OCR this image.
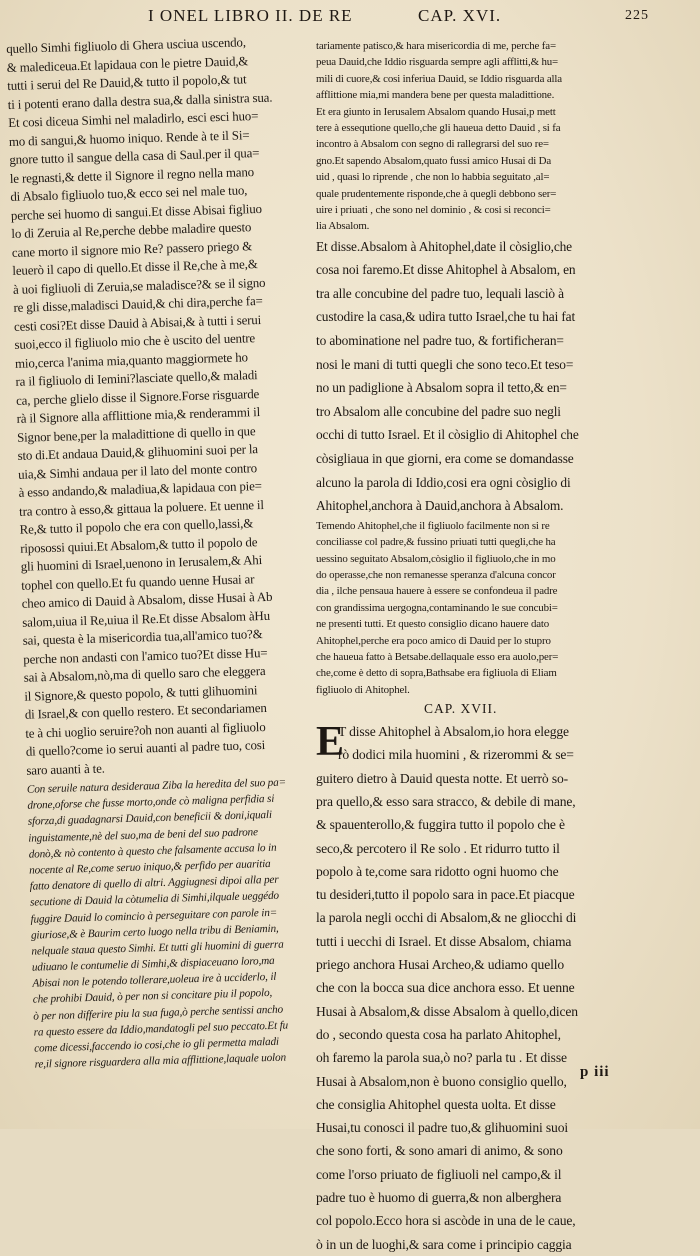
I ONEL LIBRO II. DE RE	CAP. XVI.	225
quello Simhi figliuolo di Ghera usciua uscendo,
& malediceua.Et lapidaua con le pietre Dauid,&
tutti i serui del Re Dauid,& tutto il popolo,& tut
ti i potenti erano dalla destra sua,& dalla sinistra sua.
Et cosi diceua Simhi nel maladirlo, esci esci huo=
mo di sangui,& huomo iniquo. Rende à te il Si=
gnore tutto il sangue della casa di Saul.per il qua=
le regnasti,& dette il Signore il regno nella mano
di Absalo figliuolo tuo,& ecco sei nel male tuo,
perche sei huomo di sangui.Et disse Abisai figliuo
lo di Zeruia al Re,perche debbe maladire questo
cane morto il signore mio Re? passero priego &
leuerò il capo di quello.Et disse il Re,che à me,&
à uoi figliuoli di Zeruia,se maladisce?& se il signo
re gli disse,maladisci Dauid,& chi dira,perche fa=
cesti cosi?Et disse Dauid à Abisai,& à tutti i serui
suoi,ecco il figliuolo mio che è uscito del uentre
mio,cerca l'anima mia,quanto maggiormete ho
ra il figliuolo di Iemini?lasciate quello,& maladi
ca, perche glielo disse il Signore.Forse risguarde
rà il Signore alla afflittione mia,& renderammi il
Signor bene,per la maladittione di quello in que
sto di.Et andaua Dauid,& glihuomini suoi per la
uia,& Simhi andaua per il lato del monte contro
à esso andando,& maladiua,& lapidaua con pie=
tra contro à esso,& gittaua la poluere. Et uenne il
Re,& tutto il popolo che era con quello,lassi,&
riposossi quiui.Et Absalom,& tutto il popolo de
gli huomini di Israel,uenono in Ierusalem,& Ahi
tophel con quello.Et fu quando uenne Husai ar
cheo amico di Dauid à Absalom, disse Husai à Ab
salom,uiua il Re,uiua il Re.Et disse Absalom àHu
sai, questa è la misericordia tua,all'amico tuo?&
perche non andasti con l'amico tuo?Et disse Hu=
sai à Absalom,nò,ma di quello saro che eleggera
il Signore,& questo popolo, & tutti glihuomini
di Israel,& con quello restero. Et secondariamen
te à chi uoglio seruire?oh non auanti al figliuolo
di quello?come io serui auanti al padre tuo, cosi
saro auanti à te.
Con seruile natura desideraua Ziba la heredita del suo pa=
drone,oforse che fusse morto,onde cò maligna perfidia si
sforza,di guadagnarsi Dauid,con beneficii & doni,iquali
inguistamente,nè del suo,ma de beni del suo padrone
donò,& nò contento à questo che falsamente accusa lo in
nocente al Re,come seruo iniquo,& perfido per auaritia
fatto denatore di quello di altri. Aggiugnesi dipoi alla per
secutione di Dauid la còtumelia di Simhi,ilquale ueggédo
fuggire Dauid lo comincio à perseguitare con parole in=
giuriose,& è Baurim certo luogo nella tribu di Beniamin,
nelquale staua questo Simhi. Et tutti gli huomini di guerra
udiuano le contumelie di Simhi,& dispiaceuano loro,ma
Abisai non le potendo tollerare,uoleua ire à ucciderlo, il
che prohibi Dauid, ò per non si concitare piu il popolo,
ò per non differire piu la sua fuga,ò perche sentissi ancho
ra questo essere da Iddio,mandatogli pel suo peccato.Et fu
come dicessi,faccendo io cosi,che io gli permetta maladi
re,il signore risguardera alla mia afflittione,laquale uolon
tariamente patisco,& hara misericordia di me, perche fa=
peua Dauid,che Iddio risguarda sempre agli afflitti,& hu=
mili di cuore,& cosi inferiua Dauid, se Iddio risguarda alla
afflittione mia,mi mandera bene per questa maladittione.
Et era giunto in Ierusalem Absalom quando Husai,p mett
tere à essequtione quello,che gli haueua detto Dauid , si fa
incontro à Absalom con segno di rallegrarsi del suo re=
gno.Et sapendo Absalom,quato fussi amico Husai di Da
uid , quasi lo riprende , che non lo habbia seguitato ,al=
quale prudentemente risponde,che à quegli debbono ser=
uire i priuati , che sono nel dominio , & cosi si reconci=
lia Absalom.
Et disse.Absalom à Ahitophel,date il còsiglio,che
cosa noi faremo.Et disse Ahitophel à Absalom, en
tra alle concubine del padre tuo, lequali lasciò à
custodire la casa,& udira tutto Israel,che tu hai fat
to abominatione nel padre tuo, & fortificheran=
nosi le mani di tutti quegli che sono teco.Et teso=
no un padiglione à Absalom sopra il tetto,& en=
tro Absalom alle concubine del padre suo negli
occhi di tutto Israel. Et il còsiglio di Ahitophel che
còsigliaua in que giorni, era come se domandasse
alcuno la parola di Iddio,cosi era ogni còsiglio di
Ahitophel,anchora à Dauid,anchora à Absalom.
Temendo Ahitophel,che il figliuolo facilmente non si re
conciliasse col padre,& fussino priuati tutti quegli,che ha
uessino seguitato Absalom,còsiglio il figliuolo,che in mo
do operasse,che non remanesse speranza d'alcuna concor
dia , ilche pensaua hauere à essere se confondeua il padre
con grandissima uergogna,contaminando le sue concubi=
ne presenti tutti. Et questo consiglio dicano hauere dato
Ahitophel,perche era poco amico di Dauid per lo stupro
che haueua fatto à Betsabe.dellaquale esso era auolo,per=
che,come è detto di sopra,Bathsabe era figliuola di Eliam
figliuolo di Ahitophel.
CAP. XVII.
E
T disse Ahitophel à Absalom,io hora elegge
rò dodici mila huomini , & rizerommi & se=
guitero dietro à Dauid questa notte. Et uerrò so-
pra quello,& esso sara stracco, & debile di mane,
& spauenterollo,& fuggira tutto il popolo che è
seco,& percotero il Re solo . Et ridurro tutto il
popolo à te,come sara ridotto ogni huomo che
tu desideri,tutto il popolo sara in pace.Et piacque
la parola negli occhi di Absalom,& ne gliocchi di
tutti i uecchi di Israel. Et disse Absalom, chiama
priego anchora Husai Archeo,& udiamo quello
che con la bocca sua dice anchora esso. Et uenne
Husai à Absalom,& disse Absalom à quello,dicen
do , secondo questa cosa ha parlato Ahitophel,
oh faremo la parola sua,ò no? parla tu . Et disse
Husai à Absalom,non è buono consiglio quello,
che consiglia Ahitophel questa uolta. Et disse
Husai,tu conosci il padre tuo,& glihuomini suoi
che sono forti, & sono amari di animo, & sono
come l'orso priuato de figliuoli nel campo,& il
padre tuo è huomo di guerra,& non alberghera
col popolo.Ecco hora si ascòde in una de le caue,
ò in un de luoghi,& sara come i principio caggia
p iii
